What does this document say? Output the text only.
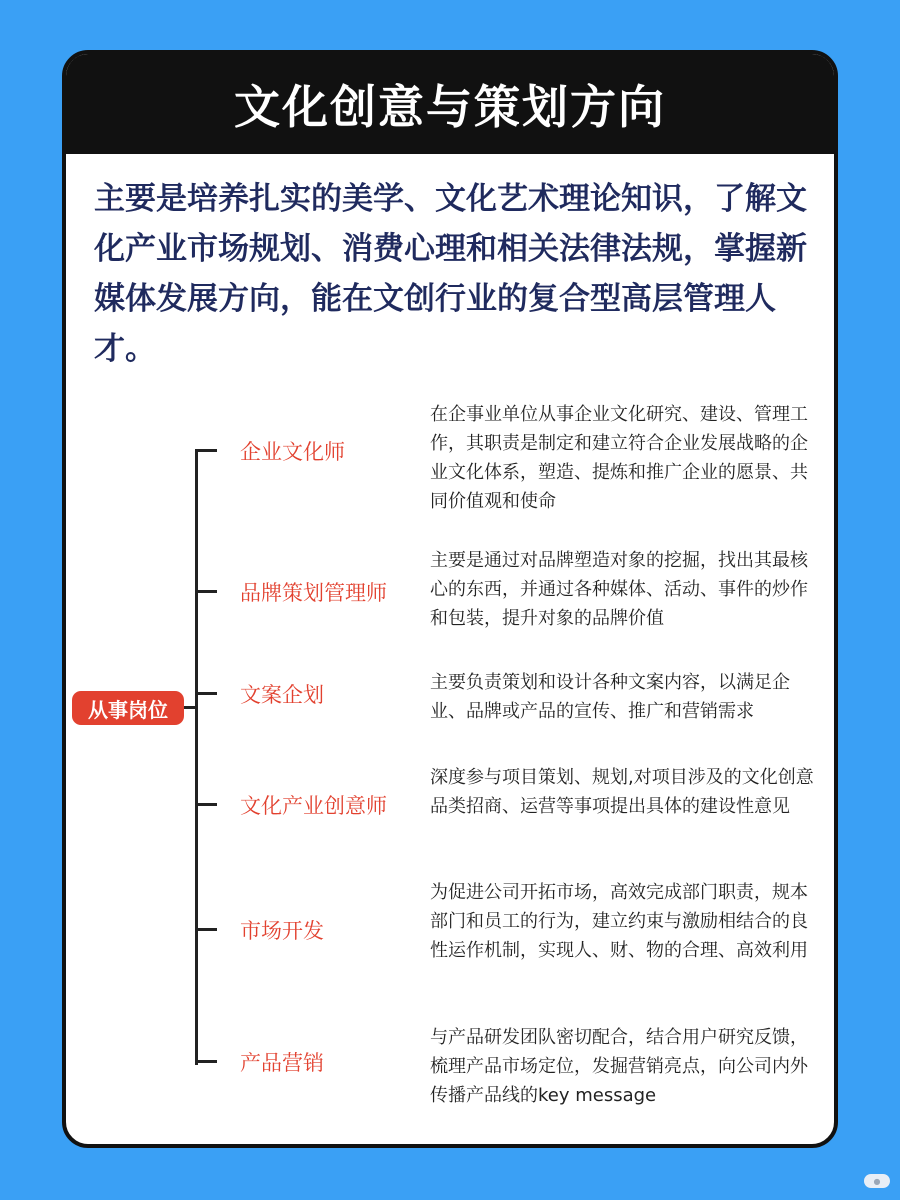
文化创意与策划方向
主要是培养扎实的美学、文化艺术理论知识，了解文化产业市场规划、消费心理和相关法律法规，掌握新媒体发展方向，能在文创行业的复合型高层管理人才。
从事岗位
企业文化师
在企事业单位从事企业文化研究、建设、管理工作，其职责是制定和建立符合企业发展战略的企业文化体系，塑造、提炼和推广企业的愿景、共同价值观和使命
品牌策划管理师
主要是通过对品牌塑造对象的挖掘，找出其最核心的东西，并通过各种媒体、活动、事件的炒作和包装，提升对象的品牌价值
文案企划
主要负责策划和设计各种文案内容，以满足企业、品牌或产品的宣传、推广和营销需求
文化产业创意师
深度参与项目策划、规划,对项目涉及的文化创意品类招商、运营等事项提出具体的建设性意见
市场开发
为促进公司开拓市场，高效完成部门职责，规本部门和员工的行为，建立约束与激励相结合的良性运作机制，实现人、财、物的合理、高效利用
产品营销
与产品研发团队密切配合，结合用户研究反馈，梳理产品市场定位，发掘营销亮点，向公司内外传播产品线的key message
●
